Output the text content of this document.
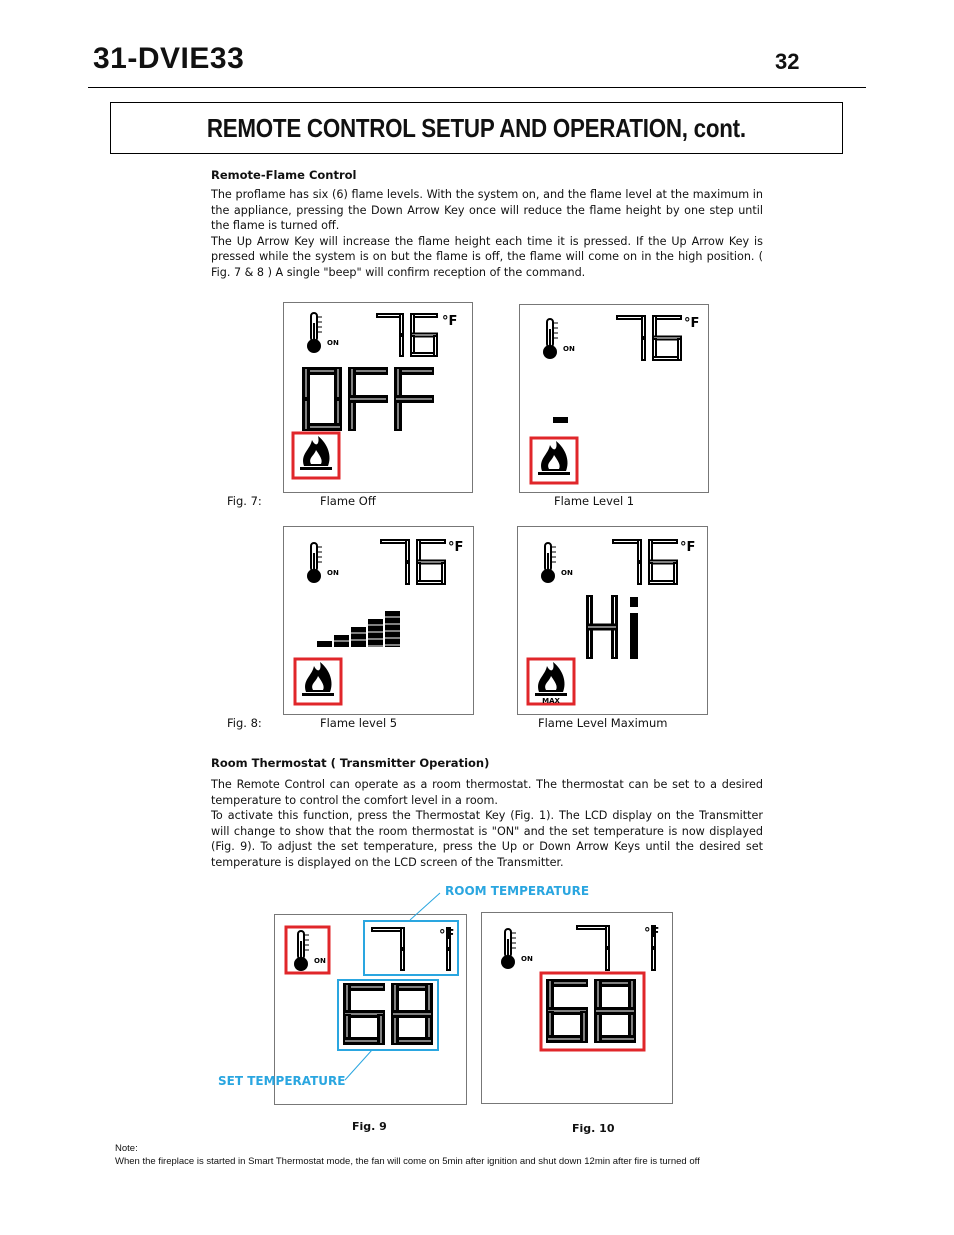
31-DVIE33	32
REMOTE CONTROL SETUP AND OPERATION, cont.
Remote-Flame Control

The proflame has six (6) flame levels. With the system on, and the flame level at the maximum in the appliance, pressing the Down Arrow Key once will reduce the flame height by one step until the flame is turned off.

The Up Arrow Key will increase the flame height each time it is pressed. If the Up Arrow Key is pressed while the system is on but the flame is off, the flame will come on in the high position. ( Fig. 7 & 8 ) A single "beep" will confirm reception of the command.

ON
°F
ON
°F
Fig. 7:	Flame Off	Flame Level 1
ON
°F
ON
°F
MAX
Fig. 8:	Flame level 5	Flame Level Maximum
Room Thermostat ( Transmitter Operation)

The Remote Control can operate as a room thermostat. The thermostat can be set to a desired temperature to control the comfort level in a room.

To activate this function, press the Thermostat Key (Fig. 1). The LCD display on the Transmitter will change to show that the room thermostat is "ON" and the set temperature is now displayed (Fig. 9). To adjust the set temperature, press the Up or Down Arrow Keys until the desired set temperature is displayed on the LCD screen of the Transmitter.

ROOM TEMPERATURE
ON
°F
SET TEMPERATURE
ON
°F
Fig. 9	Fig. 10
Note:
When the fireplace is started in Smart Thermostat mode, the fan will come on 5min after ignition and shut down 12min after fire is turned off
